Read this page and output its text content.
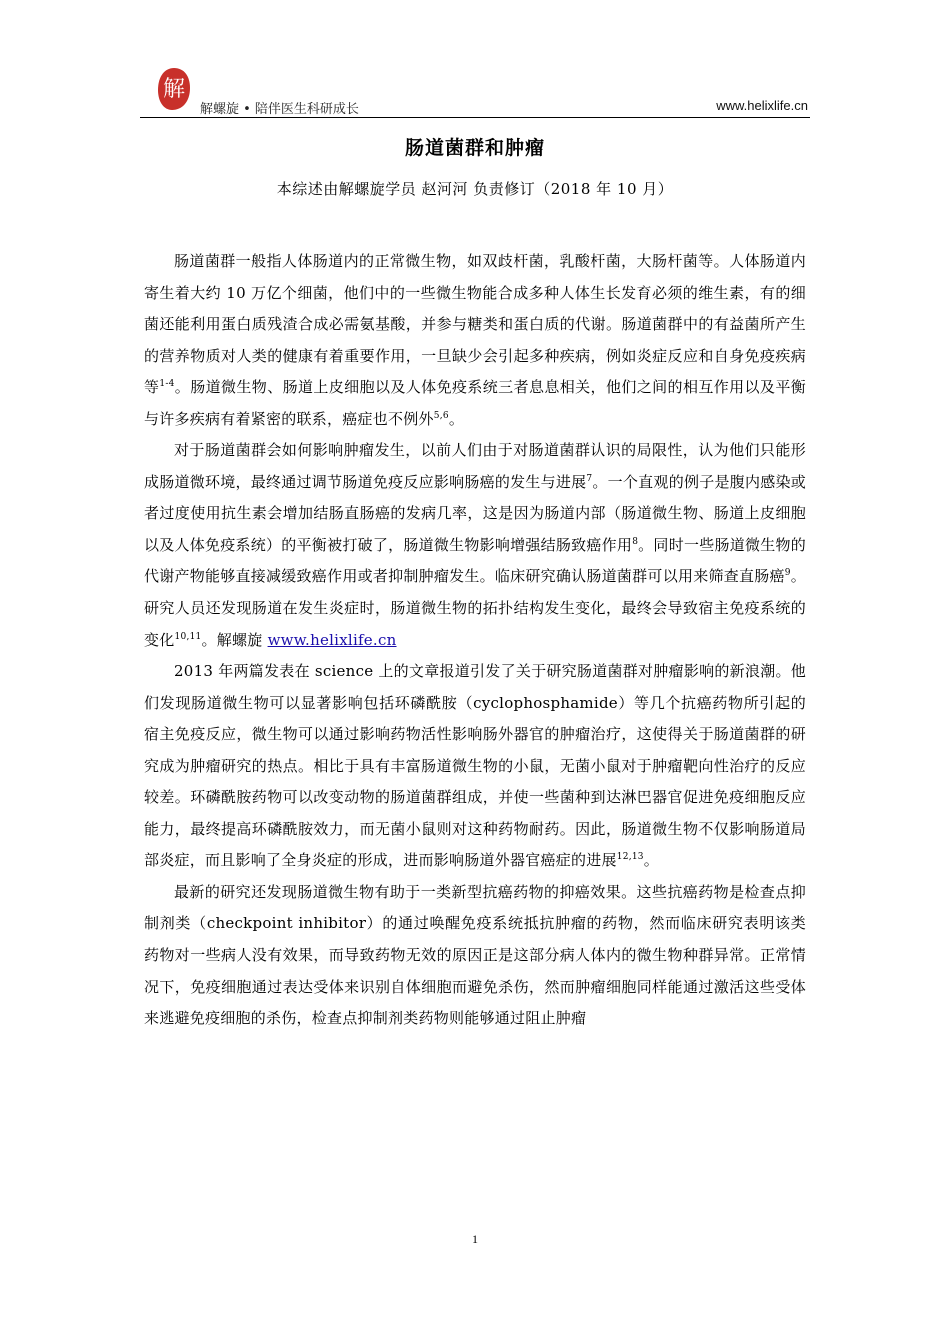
解
解螺旋 • 陪伴医生科研成长	www.helixlife.cn
肠道菌群和肿瘤
本综述由解螺旋学员 赵河河 负责修订（2018 年 10 月）

肠道菌群一般指人体肠道内的正常微生物，如双歧杆菌，乳酸杆菌，大肠杆菌等。人体肠道内寄生着大约 10 万亿个细菌，他们中的一些微生物能合成多种人体生长发育必须的维生素，有的细菌还能利用蛋白质残渣合成必需氨基酸，并参与糖类和蛋白质的代谢。肠道菌群中的有益菌所产生的营养物质对人类的健康有着重要作用，一旦缺少会引起多种疾病，例如炎症反应和自身免疫疾病等$^{1-4}$。肠道微生物、肠道上皮细胞以及人体免疫系统三者息息相关，他们之间的相互作用以及平衡与许多疾病有着紧密的联系，癌症也不例外$^{5,6}$。

对于肠道菌群会如何影响肿瘤发生，以前人们由于对肠道菌群认识的局限性，认为他们只能形成肠道微环境，最终通过调节肠道免疫反应影响肠癌的发生与进展$^7$。一个直观的例子是腹内感染或者过度使用抗生素会增加结肠直肠癌的发病几率，这是因为肠道内部（肠道微生物、肠道上皮细胞以及人体免疫系统）的平衡被打破了，肠道微生物影响增强结肠致癌作用$^8$。同时一些肠道微生物的代谢产物能够直接减缓致癌作用或者抑制肿瘤发生。临床研究确认肠道菌群可以用来筛查直肠癌$^9$。研究人员还发现肠道在发生炎症时，肠道微生物的拓扑结构发生变化，最终会导致宿主免疫系统的变化$^{10,11}$。解螺旋 www.helixlife.cn

2013 年两篇发表在 science 上的文章报道引发了关于研究肠道菌群对肿瘤影响的新浪潮。他们发现肠道微生物可以显著影响包括环磷酰胺（cyclophosphamide）等几个抗癌药物所引起的宿主免疫反应，微生物可以通过影响药物活性影响肠外器官的肿瘤治疗，这使得关于肠道菌群的研究成为肿瘤研究的热点。相比于具有丰富肠道微生物的小鼠，无菌小鼠对于肿瘤靶向性治疗的反应较差。环磷酰胺药物可以改变动物的肠道菌群组成，并使一些菌种到达淋巴器官促进免疫细胞反应能力，最终提高环磷酰胺效力，而无菌小鼠则对这种药物耐药。因此，肠道微生物不仅影响肠道局部炎症，而且影响了全身炎症的形成，进而影响肠道外器官癌症的进展$^{12,13}$。

最新的研究还发现肠道微生物有助于一类新型抗癌药物的抑癌效果。这些抗癌药物是检查点抑制剂类（checkpoint inhibitor）的通过唤醒免疫系统抵抗肿瘤的药物，然而临床研究表明该类药物对一些病人没有效果，而导致药物无效的原因正是这部分病人体内的微生物种群异常。正常情况下，免疫细胞通过表达受体来识别自体细胞而避免杀伤，然而肿瘤细胞同样能通过激活这些受体来逃避免疫细胞的杀伤，检查点抑制剂类药物则能够通过阻止肿瘤

1
